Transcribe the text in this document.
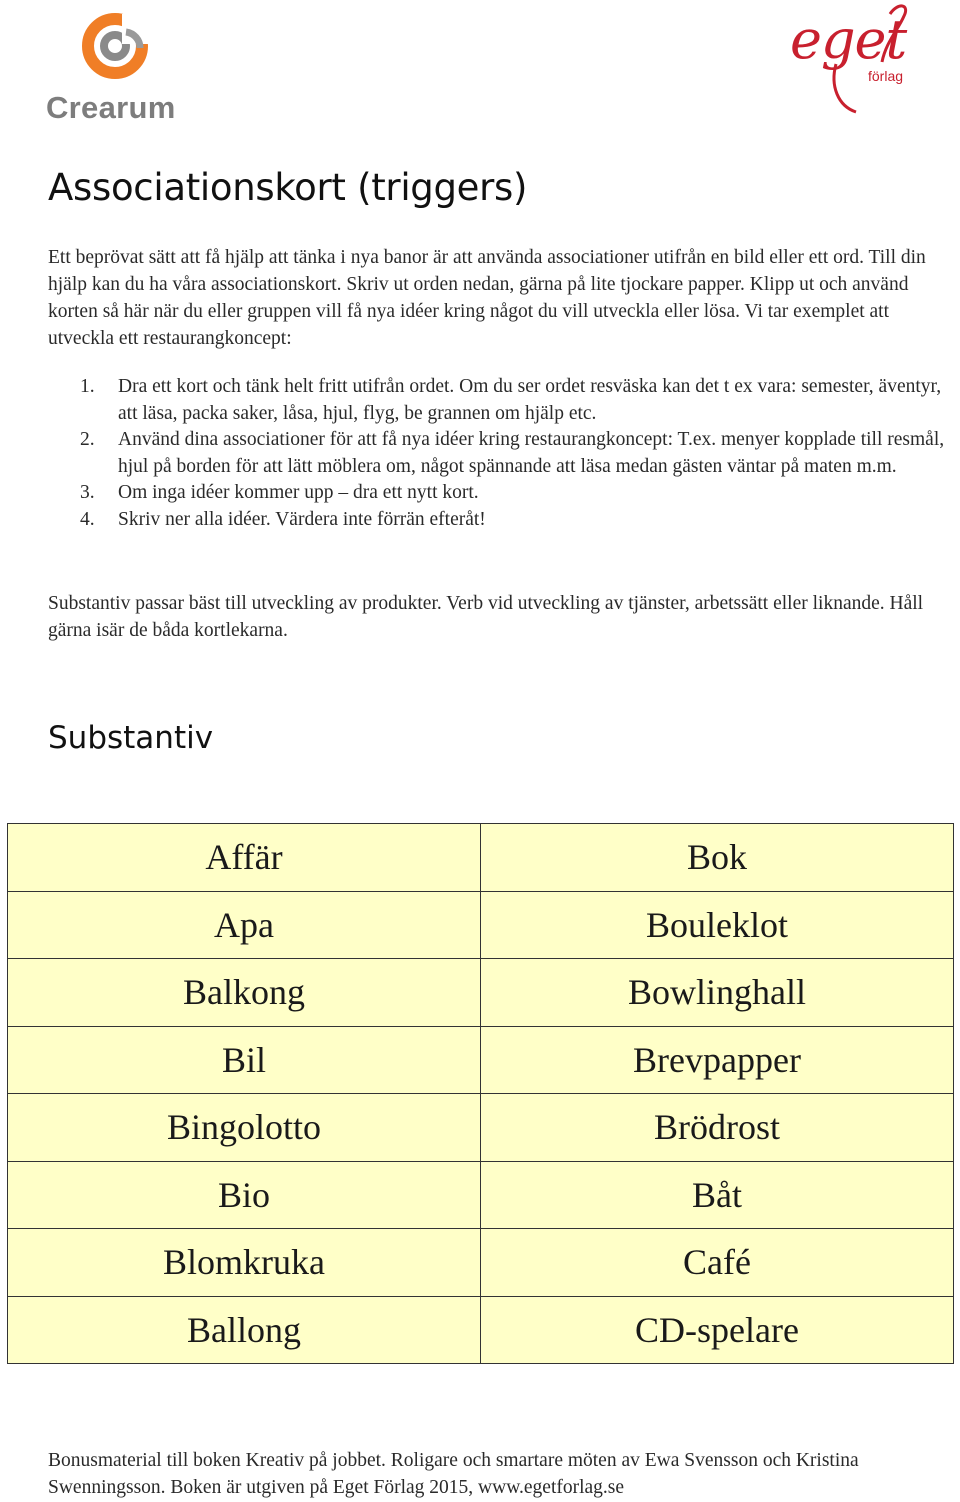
Crearum
eget
förlag
Associationskort (triggers)

Ett beprövat sätt att få hjälp att tänka i nya banor är att använda associationer utifrån en bild eller ett ord. Till din hjälp kan du ha våra associationskort. Skriv ut orden nedan, gärna på lite tjockare papper. Klipp ut och använd korten så här när du eller gruppen vill få nya idéer kring något du vill utveckla eller lösa. Vi tar exemplet att utveckla ett restaurangkoncept:

1. Dra ett kort och tänk helt fritt utifrån ordet. Om du ser ordet resväska kan det t ex vara: semester, äventyr, att läsa, packa saker, låsa, hjul, flyg, be grannen om hjälp etc.
2. Använd dina associationer för att få nya idéer kring restaurangkoncept: T.ex. menyer kopplade till resmål, hjul på borden för att lätt möblera om, något spännande att läsa medan gästen väntar på maten m.m.
3. Om inga idéer kommer upp – dra ett nytt kort.
4. Skriv ner alla idéer. Värdera inte förrän efteråt!

Substantiv passar bäst till utveckling av produkter. Verb vid utveckling av tjänster, arbetssätt eller liknande. Håll gärna isär de båda kortlekarna.

Substantiv
Affär	Bok
Apa	Bouleklot
Balkong	Bowlinghall
Bil	Brevpapper
Bingolotto	Brödrost
Bio	Båt
Blomkruka	Café
Ballong	CD-spelare

Bonusmaterial till boken Kreativ på jobbet. Roligare och smartare möten av Ewa Svensson och Kristina Swenningsson. Boken är utgiven på Eget Förlag 2015, www.egetforlag.se
